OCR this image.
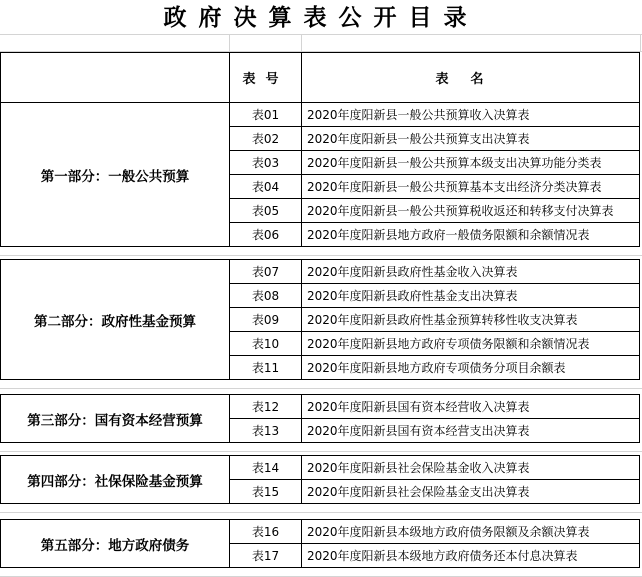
政府决算表公开目录
表号	表名
第一部分：一般公共预算
表01	2020年度阳新县一般公共预算收入决算表
表02	2020年度阳新县一般公共预算支出决算表
表03	2020年度阳新县一般公共预算本级支出决算功能分类表
表04	2020年度阳新县一般公共预算基本支出经济分类决算表
表05	2020年度阳新县一般公共预算税收返还和转移支付决算表
表06	2020年度阳新县地方政府一般债务限额和余额情况表
第二部分：政府性基金预算
表07	2020年度阳新县政府性基金收入决算表
表08	2020年度阳新县政府性基金支出决算表
表09	2020年度阳新县政府性基金预算转移性收支决算表
表10	2020年度阳新县地方政府专项债务限额和余额情况表
表11	2020年度阳新县地方政府专项债务分项目余额表
第三部分：国有资本经营预算
表12	2020年度阳新县国有资本经营收入决算表
表13	2020年度阳新县国有资本经营支出决算表
第四部分：社保保险基金预算
表14	2020年度阳新县社会保险基金收入决算表
表15	2020年度阳新县社会保险基金支出决算表
第五部分：地方政府债务
表16	2020年度阳新县本级地方政府债务限额及余额决算表
表17	2020年度阳新县本级地方政府债务还本付息决算表
